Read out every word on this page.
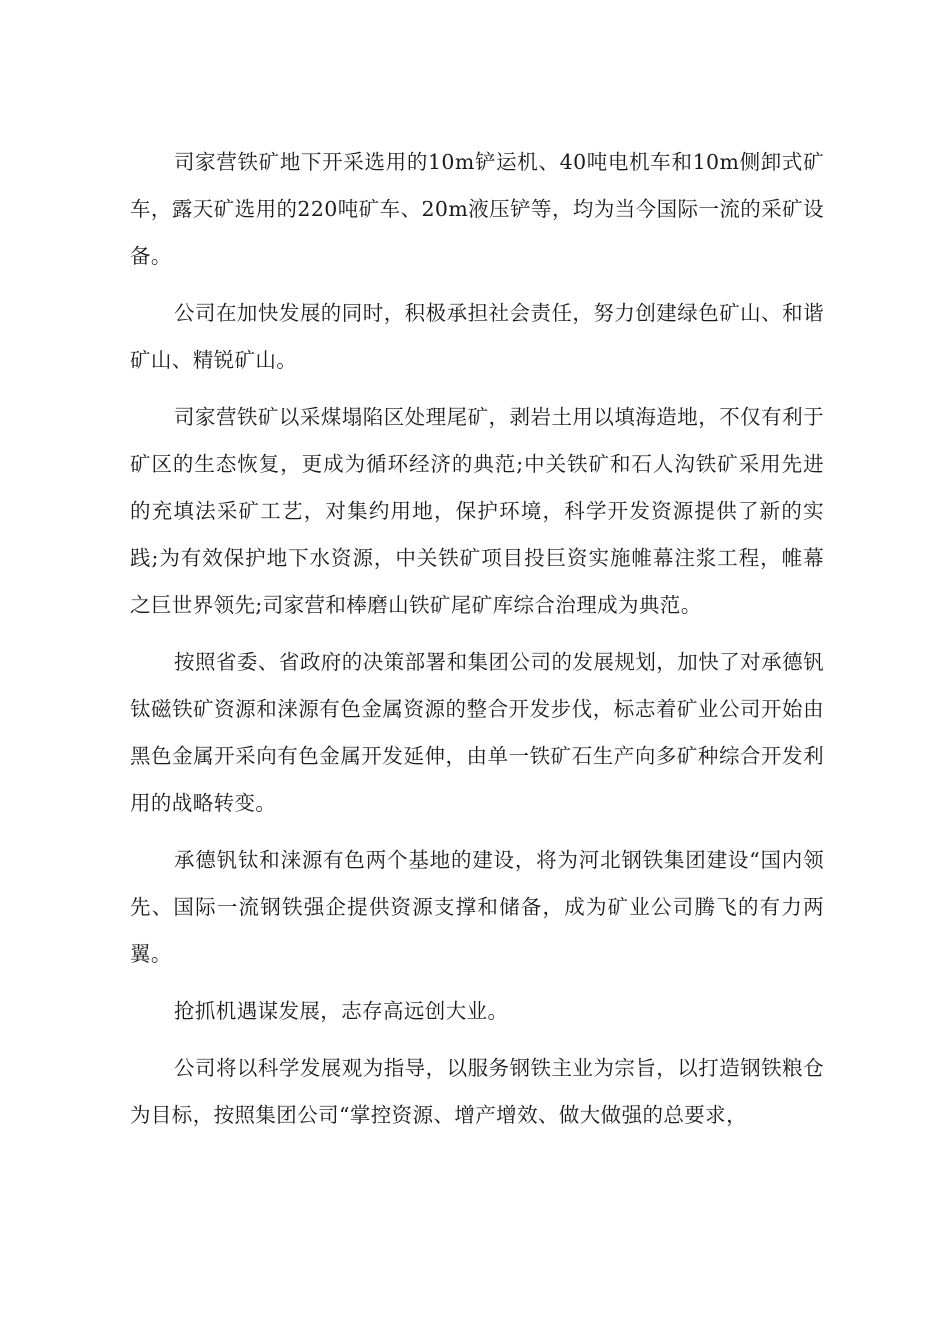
司家营铁矿地下开采选用的10m铲运机、40吨电机车和10m侧卸式矿车，露天矿选用的220吨矿车、20m液压铲等，均为当今国际一流的采矿设备。

公司在加快发展的同时，积极承担社会责任，努力创建绿色矿山、和谐矿山、精锐矿山。

司家营铁矿以采煤塌陷区处理尾矿，剥岩土用以填海造地，不仅有利于矿区的生态恢复，更成为循环经济的典范;中关铁矿和石人沟铁矿采用先进的充填法采矿工艺，对集约用地，保护环境，科学开发资源提供了新的实践;为有效保护地下水资源，中关铁矿项目投巨资实施帷幕注浆工程，帷幕之巨世界领先;司家营和棒磨山铁矿尾矿库综合治理成为典范。

按照省委、省政府的决策部署和集团公司的发展规划，加快了对承德钒钛磁铁矿资源和涞源有色金属资源的整合开发步伐，标志着矿业公司开始由黑色金属开采向有色金属开发延伸，由单一铁矿石生产向多矿种综合开发利用的战略转变。

承德钒钛和涞源有色两个基地的建设，将为河北钢铁集团建设“国内领先、国际一流钢铁强企提供资源支撑和储备，成为矿业公司腾飞的有力两翼。

抢抓机遇谋发展，志存高远创大业。

公司将以科学发展观为指导，以服务钢铁主业为宗旨，以打造钢铁粮仓为目标，按照集团公司“掌控资源、增产增效、做大做强的总要求，
